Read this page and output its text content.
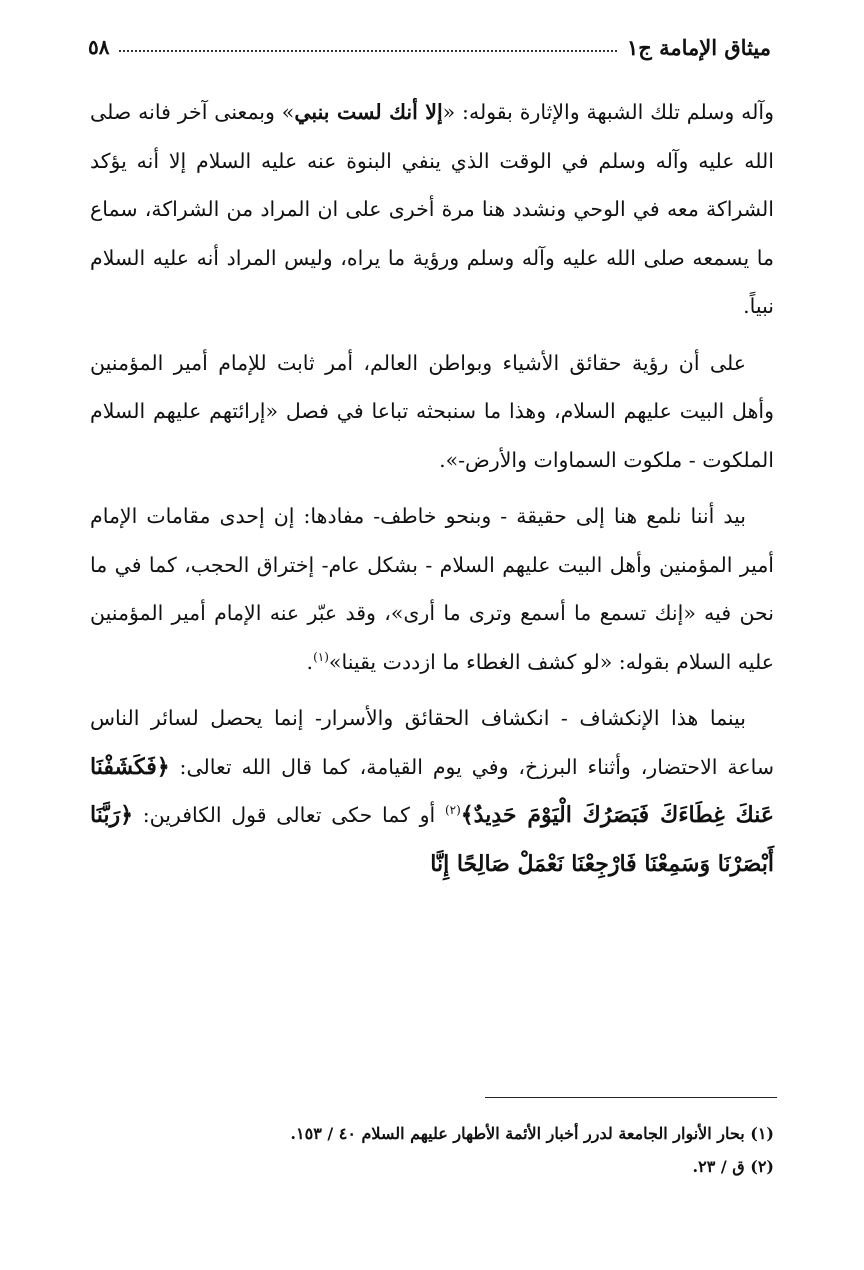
٥٨	ميثاق الإمامة ج١

وآله وسلم تلك الشبهة والإثارة بقوله: «إلا أنك لست بنبي» وبمعنى آخر فانه صلى الله عليه وآله وسلم في الوقت الذي ينفي البنوة عنه عليه السلام إلا أنه يؤكد الشراكة معه في الوحي ونشدد هنا مرة أخرى على ان المراد من الشراكة، سماع ما يسمعه صلى الله عليه وآله وسلم ورؤية ما يراه، وليس المراد أنه عليه السلام نبياً.

على أن رؤية حقائق الأشياء وبواطن العالم، أمر ثابت للإمام أمير المؤمنين وأهل البيت عليهم السلام، وهذا ما سنبحثه تباعا في فصل «إرائتهم عليهم السلام الملكوت - ملكوت السماوات والأرض-».

بيد أننا نلمع هنا إلى حقيقة - وبنحو خاطف- مفادها: إن إحدى مقامات الإمام أمير المؤمنين وأهل البيت عليهم السلام - بشكل عام- إختراق الحجب، كما في ما نحن فيه «إنك تسمع ما أسمع وترى ما أرى»، وقد عبّر عنه الإمام أمير المؤمنين عليه السلام بقوله: «لو كشف الغطاء ما ازددت يقينا»$^{(١)}$.

بينما هذا الإنكشاف - انكشاف الحقائق والأسرار- إنما يحصل لسائر الناس ساعة الاحتضار، وأثناء البرزخ، وفي يوم القيامة، كما قال الله تعالى: ﴿فَكَشَفْنَا عَنكَ غِطَاءَكَ فَبَصَرُكَ الْيَوْمَ حَدِيدٌ﴾$^{(٢)}$ أو كما حكى تعالى قول الكافرين: ﴿رَبَّنَا أَبْصَرْنَا وَسَمِعْنَا فَارْجِعْنَا نَعْمَلْ صَالِحًا إِنَّا

(١) بحار الأنوار الجامعة لدرر أخبار الأئمة الأطهار عليهم السلام ٤٠ / ١٥٣.
(٢) ق / ٢٣.
